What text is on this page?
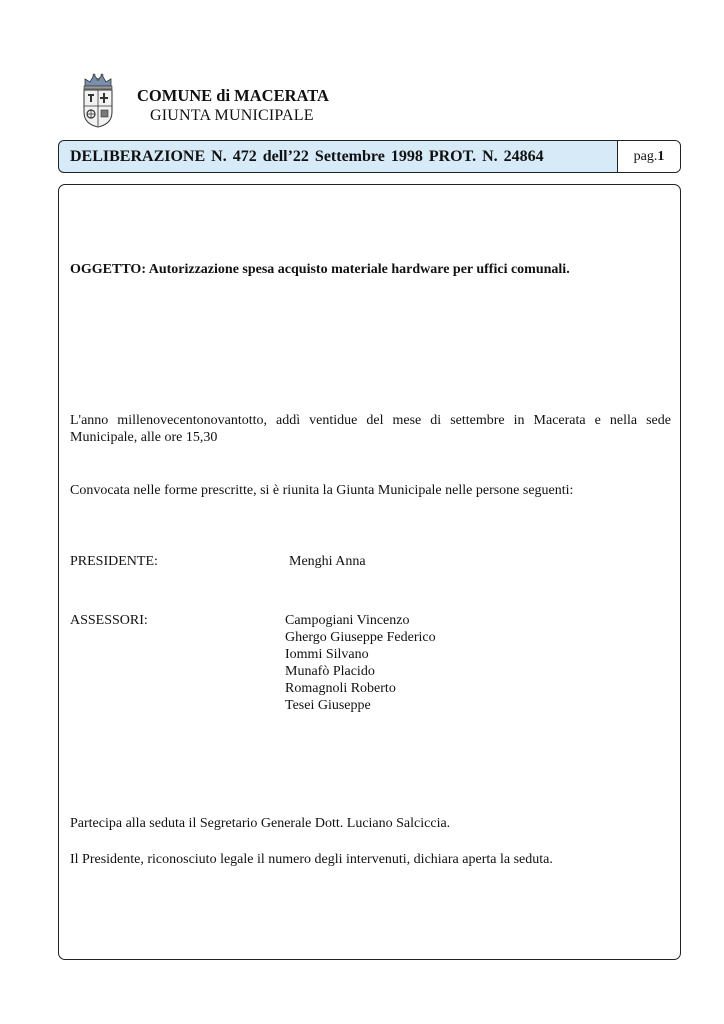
COMUNE di MACERATA
GIUNTA MUNICIPALE
DELIBERAZIONE N. 472 dell’22 Settembre 1998 PROT. N. 24864	pag. 1
OGGETTO: Autorizzazione spesa acquisto materiale hardware per uffici comunali.
L'anno millenovecentonovantotto, addì ventidue del mese di settembre in Macerata e nella sede Municipale, alle ore 15,30
Convocata nelle forme prescritte, si è riunita la Giunta Municipale nelle persone seguenti:
PRESIDENTE:	Menghi Anna
ASSESSORI:	Campogiani Vincenzo
Ghergo Giuseppe Federico
Iommi Silvano
Munafò Placido
Romagnoli Roberto
Tesei Giuseppe
Partecipa alla seduta il Segretario Generale Dott. Luciano Salciccia.
Il Presidente, riconosciuto legale il numero degli intervenuti, dichiara aperta la seduta.
